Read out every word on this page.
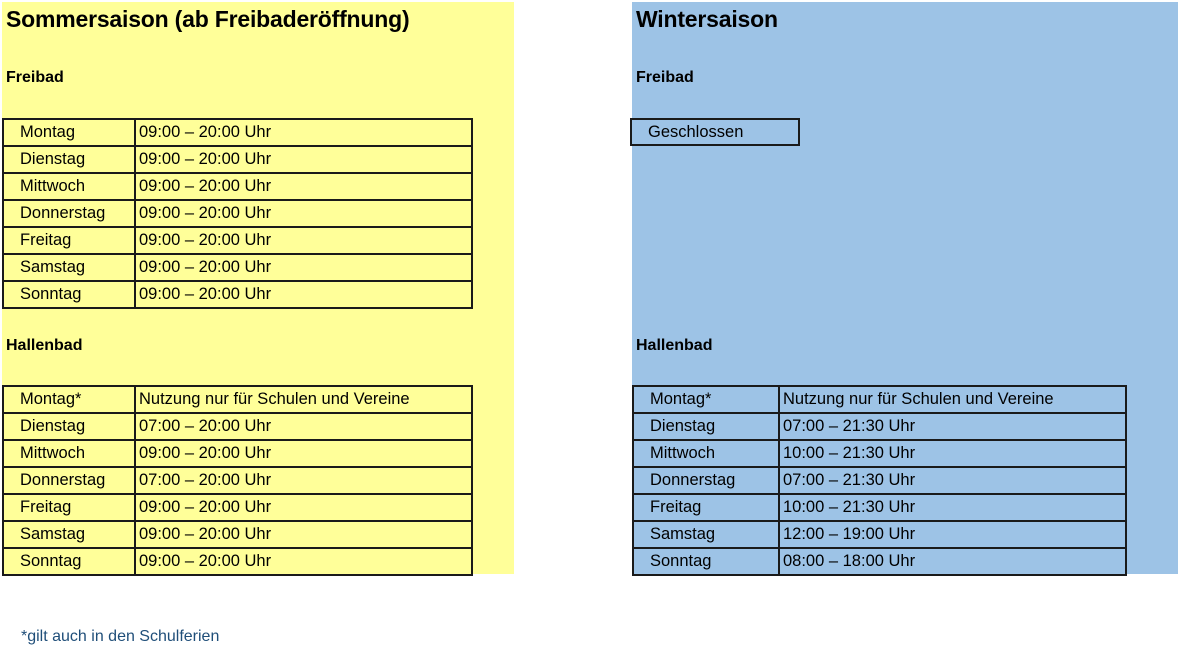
Sommersaison (ab Freibaderöffnung)
Freibad
Montag	09:00 – 20:00 Uhr
Dienstag	09:00 – 20:00 Uhr
Mittwoch	09:00 – 20:00 Uhr
Donnerstag	09:00 – 20:00 Uhr
Freitag	09:00 – 20:00 Uhr
Samstag	09:00 – 20:00 Uhr
Sonntag	09:00 – 20:00 Uhr
Hallenbad
Montag*	Nutzung nur für Schulen und Vereine
Dienstag	07:00 – 20:00 Uhr
Mittwoch	09:00 – 20:00 Uhr
Donnerstag	07:00 – 20:00 Uhr
Freitag	09:00 – 20:00 Uhr
Samstag	09:00 – 20:00 Uhr
Sonntag	09:00 – 20:00 Uhr
Wintersaison
Freibad
Geschlossen
Hallenbad
Montag*	Nutzung nur für Schulen und Vereine
Dienstag	07:00 – 21:30 Uhr
Mittwoch	10:00 – 21:30 Uhr
Donnerstag	07:00 – 21:30 Uhr
Freitag	10:00 – 21:30 Uhr
Samstag	12:00 – 19:00 Uhr
Sonntag	08:00 – 18:00 Uhr
*gilt auch in den Schulferien
